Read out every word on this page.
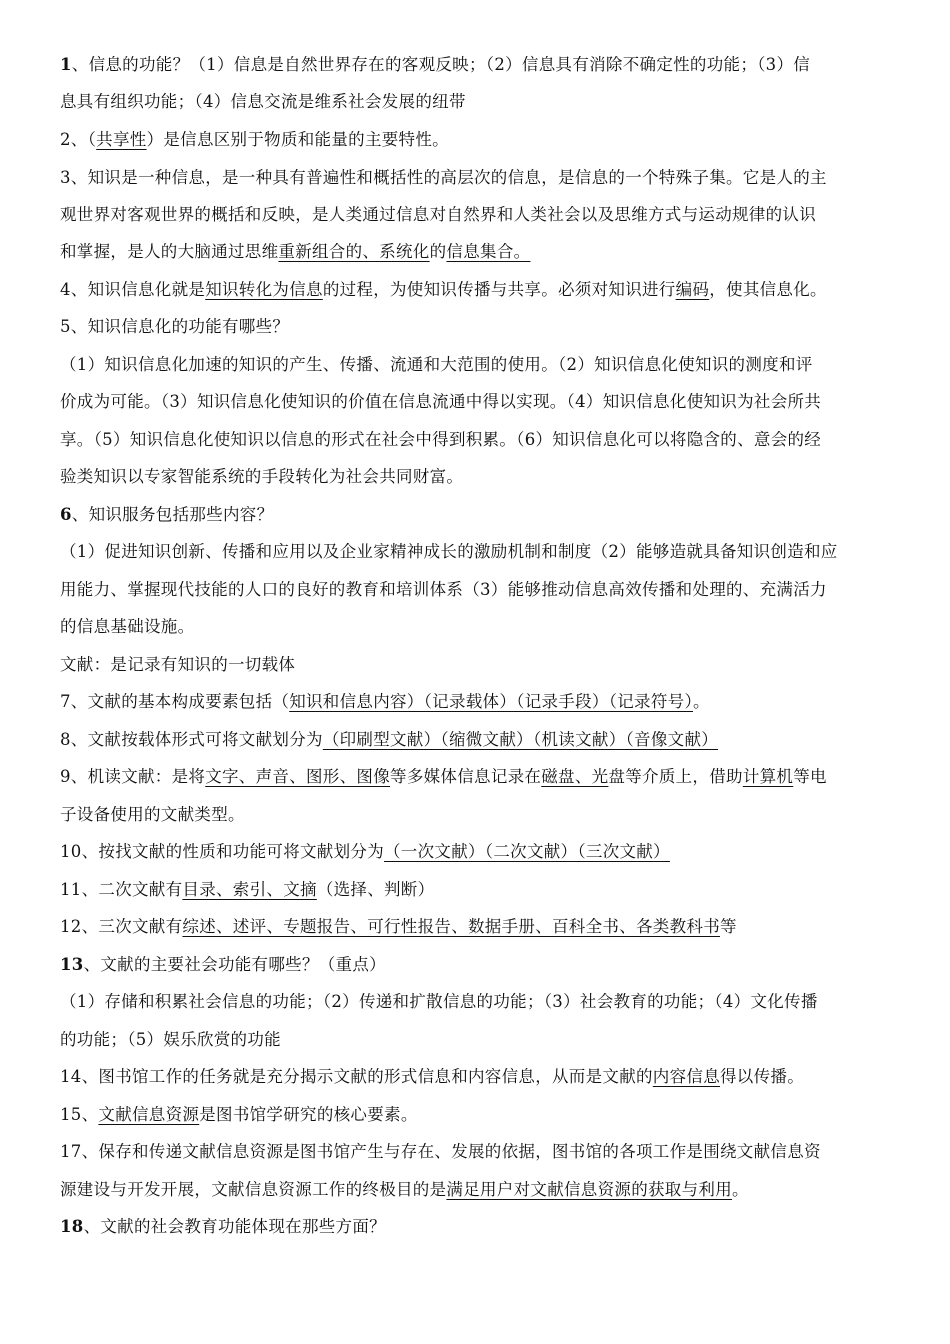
1、信息的功能？（1）信息是自然世界存在的客观反映；（2）信息具有消除不确定性的功能；（3）信
息具有组织功能；（4）信息交流是维系社会发展的纽带
2、（共享性）是信息区别于物质和能量的主要特性。
3、知识是一种信息，是一种具有普遍性和概括性的高层次的信息，是信息的一个特殊子集。它是人的主
观世界对客观世界的概括和反映，是人类通过信息对自然界和人类社会以及思维方式与运动规律的认识
和掌握，是人的大脑通过思维重新组合的、系统化的信息集合。
4、知识信息化就是知识转化为信息的过程，为使知识传播与共享。必须对知识进行编码，使其信息化。
5、知识信息化的功能有哪些？
（1）知识信息化加速的知识的产生、传播、流通和大范围的使用。（2）知识信息化使知识的测度和评
价成为可能。（3）知识信息化使知识的价值在信息流通中得以实现。（4）知识信息化使知识为社会所共
享。（5）知识信息化使知识以信息的形式在社会中得到积累。（6）知识信息化可以将隐含的、意会的经
验类知识以专家智能系统的手段转化为社会共同财富。
6、知识服务包括那些内容？
（1）促进知识创新、传播和应用以及企业家精神成长的激励机制和制度（2）能够造就具备知识创造和应
用能力、掌握现代技能的人口的良好的教育和培训体系（3）能够推动信息高效传播和处理的、充满活力
的信息基础设施。
文献：是记录有知识的一切载体
7、文献的基本构成要素包括（知识和信息内容）（记录载体）（记录手段）（记录符号）。
8、文献按载体形式可将文献划分为（印刷型文献）（缩微文献）（机读文献）（音像文献）
9、机读文献：是将文字、声音、图形、图像等多媒体信息记录在磁盘、光盘等介质上，借助计算机等电
子设备使用的文献类型。
10、按找文献的性质和功能可将文献划分为（一次文献）（二次文献）（三次文献）
11、二次文献有目录、索引、文摘（选择、判断）
12、三次文献有综述、述评、专题报告、可行性报告、数据手册、百科全书、各类教科书等
13、文献的主要社会功能有哪些？（重点）
（1）存储和积累社会信息的功能；（2）传递和扩散信息的功能；（3）社会教育的功能；（4）文化传播
的功能；（5）娱乐欣赏的功能
14、图书馆工作的任务就是充分揭示文献的形式信息和内容信息，从而是文献的内容信息得以传播。
15、文献信息资源是图书馆学研究的核心要素。
17、保存和传递文献信息资源是图书馆产生与存在、发展的依据，图书馆的各项工作是围绕文献信息资
源建设与开发开展，文献信息资源工作的终极目的是满足用户对文献信息资源的获取与利用。
18、文献的社会教育功能体现在那些方面？
